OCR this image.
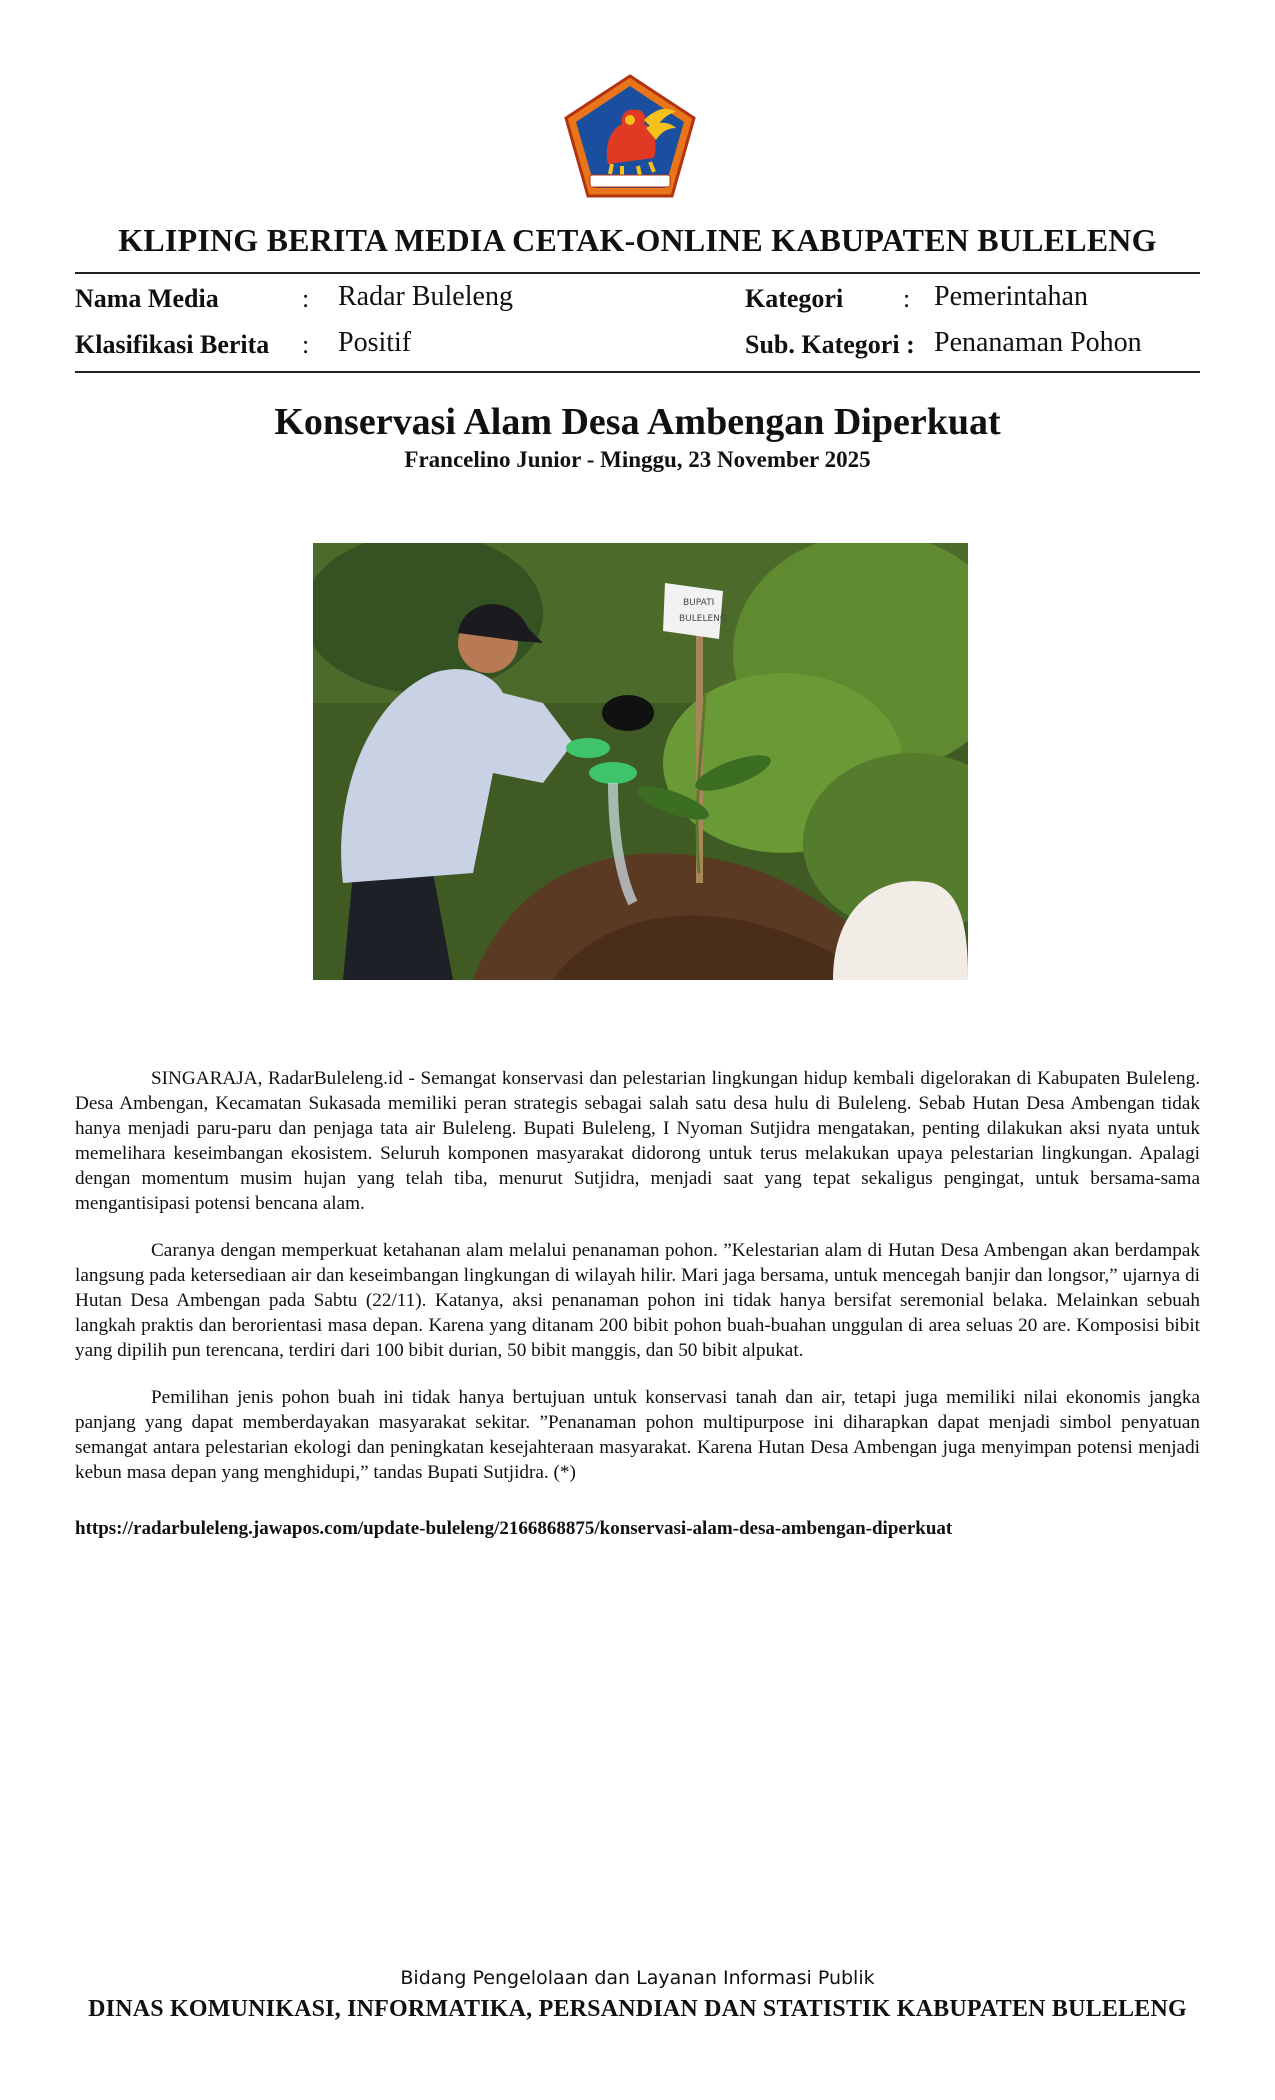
KLIPING BERITA MEDIA CETAK-ONLINE KABUPATEN BULELENG
Nama Media	: Radar Buleleng	Kategori : Pemerintahan
Klasifikasi Berita : Positif	Sub. Kategori : Penanaman Pohon
Konservasi Alam Desa Ambengan Diperkuat
Francelino Junior - Minggu, 23 November 2025
BUPATI
BULELENG

SINGARAJA, RadarBuleleng.id - Semangat konservasi dan pelestarian lingkungan hidup kembali digelorakan di Kabupaten Buleleng. Desa Ambengan, Kecamatan Sukasada memiliki peran strategis sebagai salah satu desa hulu di Buleleng. Sebab Hutan Desa Ambengan tidak hanya menjadi paru-paru dan penjaga tata air Buleleng. Bupati Buleleng, I Nyoman Sutjidra mengatakan, penting dilakukan aksi nyata untuk memelihara keseimbangan ekosistem. Seluruh komponen masyarakat didorong untuk terus melakukan upaya pelestarian lingkungan. Apalagi dengan momentum musim hujan yang telah tiba, menurut Sutjidra, menjadi saat yang tepat sekaligus pengingat, untuk bersama-sama mengantisipasi potensi bencana alam.

Caranya dengan memperkuat ketahanan alam melalui penanaman pohon. ”Kelestarian alam di Hutan Desa Ambengan akan berdampak langsung pada ketersediaan air dan keseimbangan lingkungan di wilayah hilir. Mari jaga bersama, untuk mencegah banjir dan longsor,” ujarnya di Hutan Desa Ambengan pada Sabtu (22/11). Katanya, aksi penanaman pohon ini tidak hanya bersifat seremonial belaka. Melainkan sebuah langkah praktis dan berorientasi masa depan. Karena yang ditanam 200 bibit pohon buah-buahan unggulan di area seluas 20 are. Komposisi bibit yang dipilih pun terencana, terdiri dari 100 bibit durian, 50 bibit manggis, dan 50 bibit alpukat.

Pemilihan jenis pohon buah ini tidak hanya bertujuan untuk konservasi tanah dan air, tetapi juga memiliki nilai ekonomis jangka panjang yang dapat memberdayakan masyarakat sekitar. ”Penanaman pohon multipurpose ini diharapkan dapat menjadi simbol penyatuan semangat antara pelestarian ekologi dan peningkatan kesejahteraan masyarakat. Karena Hutan Desa Ambengan juga menyimpan potensi menjadi kebun masa depan yang menghidupi,” tandas Bupati Sutjidra. (*)

https://radarbuleleng.jawapos.com/update-buleleng/2166868875/konservasi-alam-desa-ambengan-diperkuat
Bidang Pengelolaan dan Layanan Informasi Publik
DINAS KOMUNIKASI, INFORMATIKA, PERSANDIAN DAN STATISTIK KABUPATEN BULELENG
